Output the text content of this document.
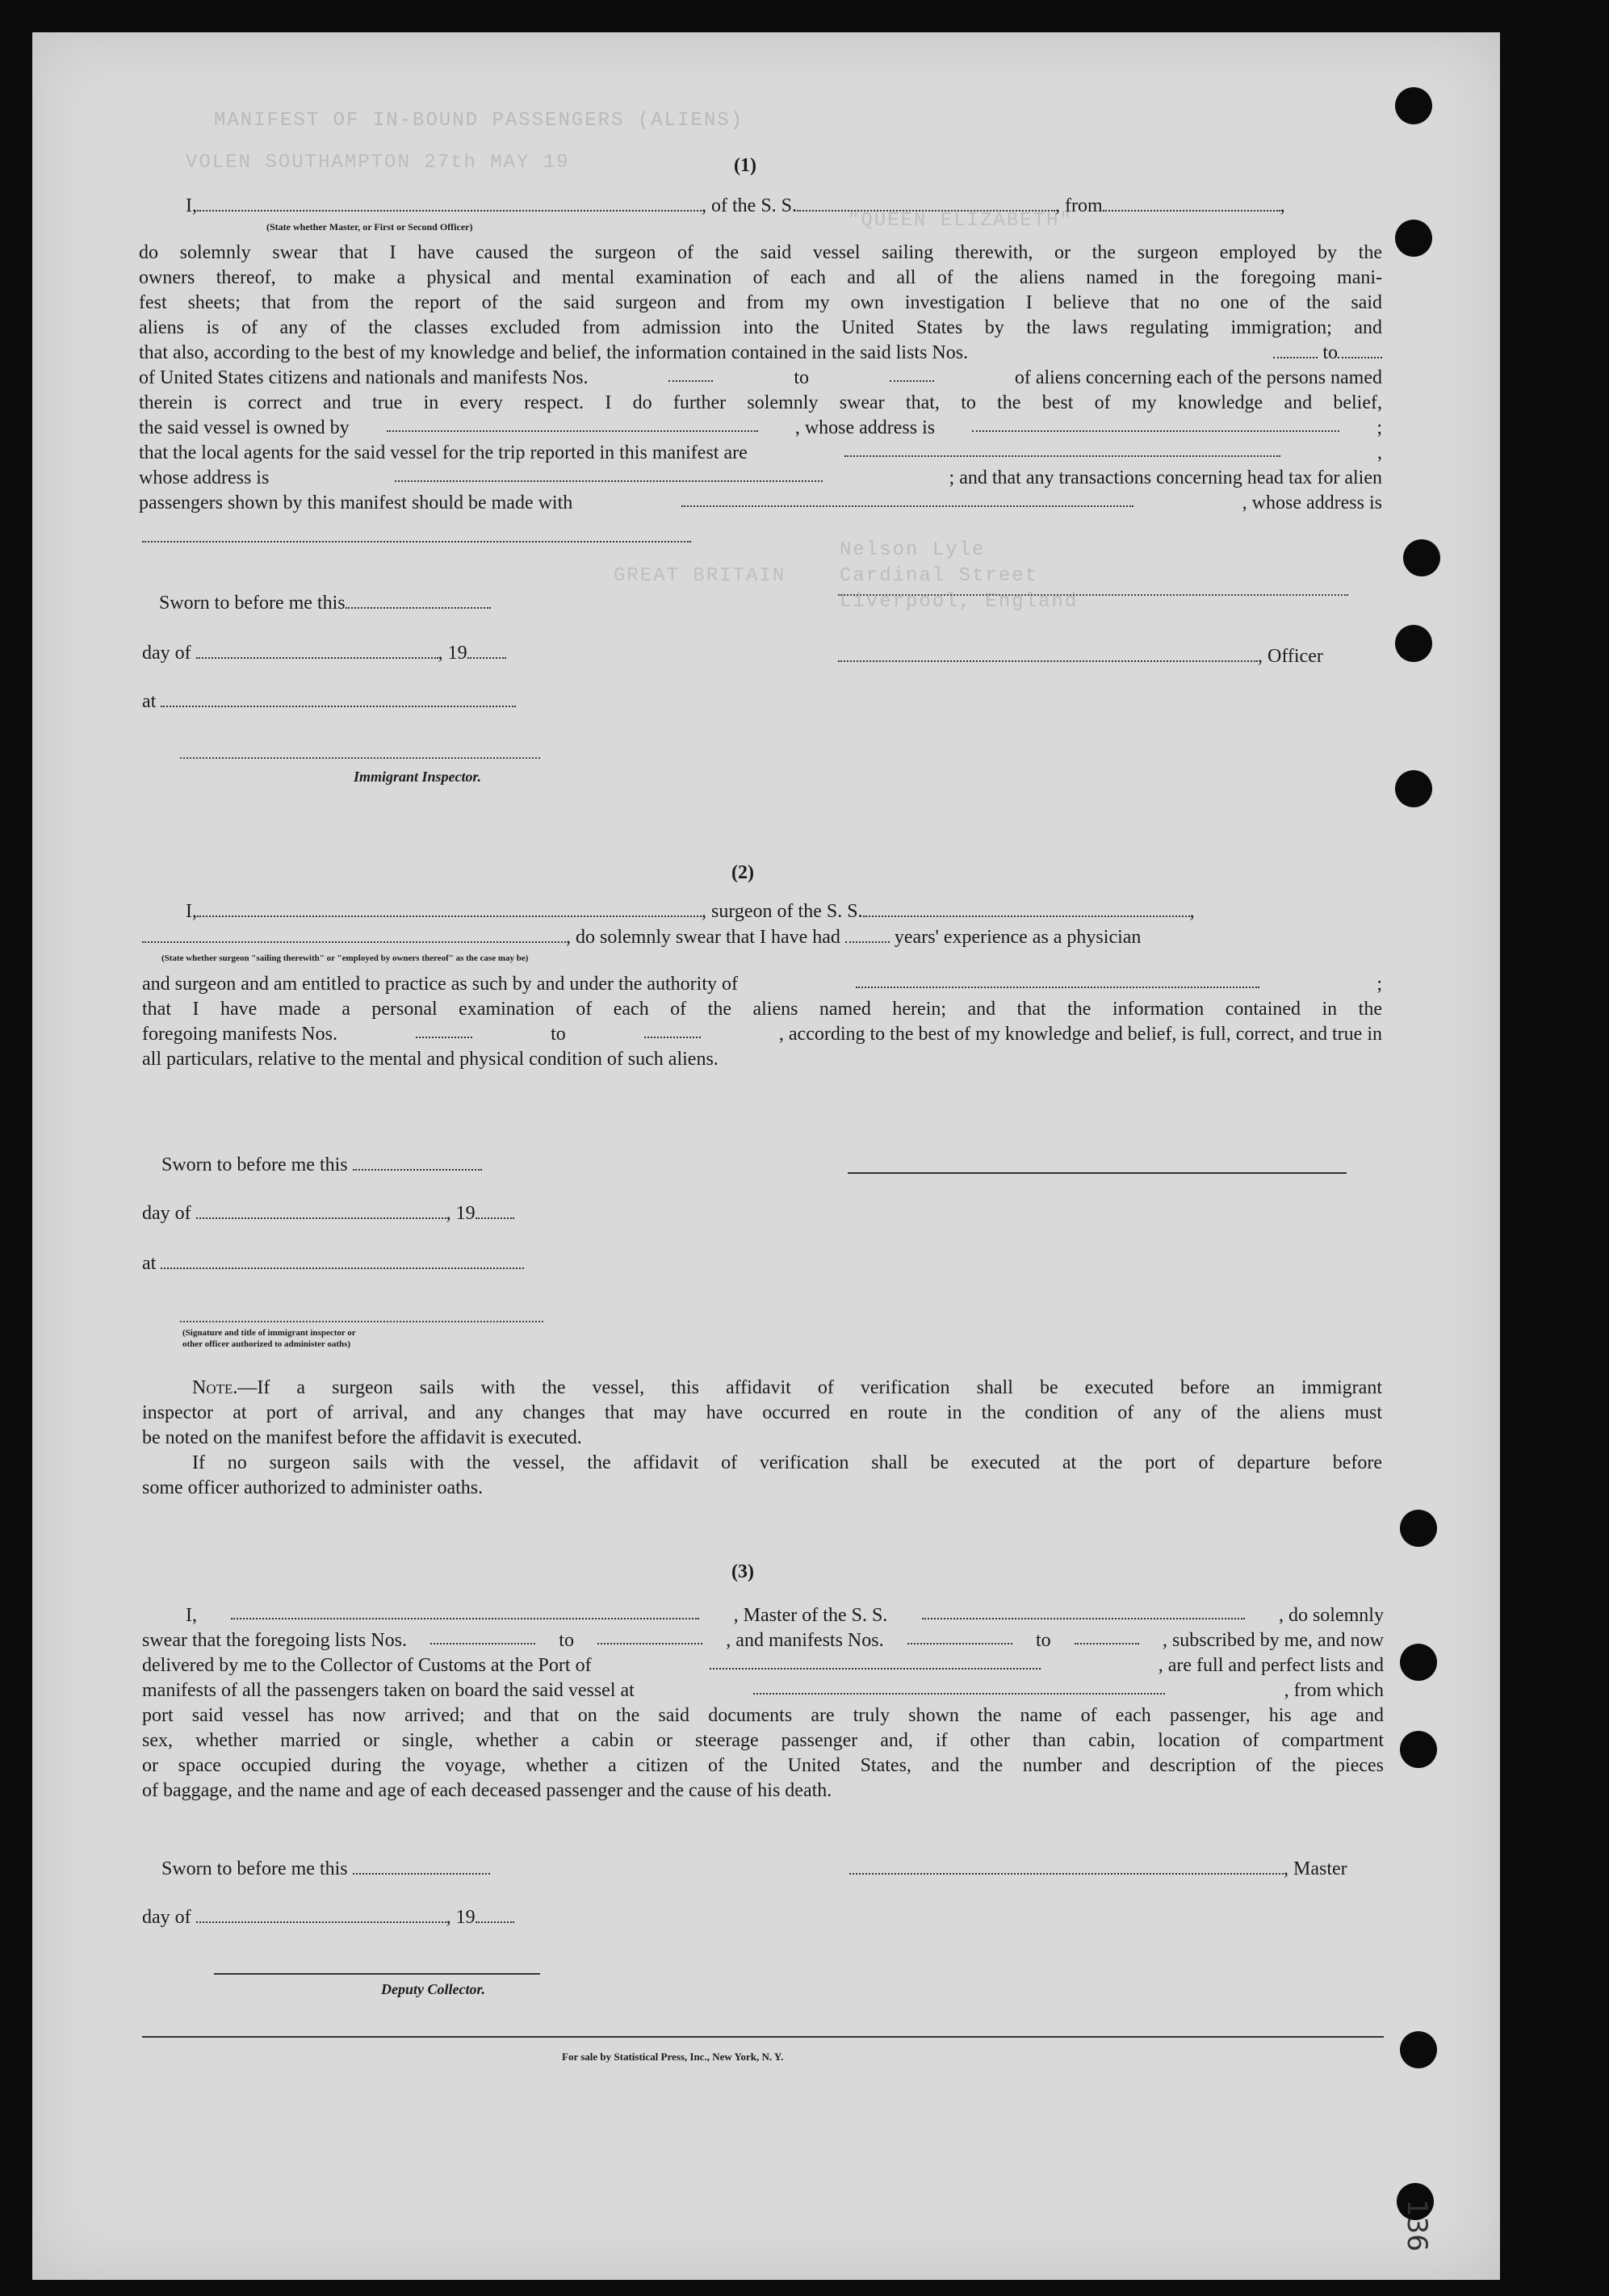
MANIFEST OF IN-BOUND PASSENGERS (ALIENS)
VOLEN SOUTHAMPTON 27th MAY 19
"QUEEN ELIZABETH"
Nelson Lyle
Cardinal Street
Liverpool, England
GREAT BRITAIN
(1)
I,	, of the S. S.	, from	,
(State whether Master, or First or Second Officer)
do solemnly swear that I have caused the surgeon of the said vessel sailing therewith, or the surgeon employed by the
owners thereof, to make a physical and mental examination of each and all of the aliens named in the foregoing mani-
fest sheets; that from the report of the said surgeon and from my own investigation I believe that no one of the said
aliens is of any of the classes excluded from admission into the United States by the laws regulating immigration; and
that also, according to the best of my knowledge and belief, the information contained in the said lists Nos.	to
of United States citizens and nationals and manifests Nos.	to	of aliens concerning each of the persons named
therein is correct and true in every respect. I do further solemnly swear that, to the best of my knowledge and belief,
the said vessel is owned by	, whose address is	;
that the local agents for the said vessel for the trip reported in this manifest are	,
whose address is	; and that any transactions concerning head tax for alien
passengers shown by this manifest should be made with	, whose address is
Sworn to before me this
day of	, 19
at
Immigrant Inspector.
, Officer
(2)
I,	, surgeon of the S. S.	,
, do solemnly swear that I have had	years' experience as a physician
(State whether surgeon "sailing therewith" or "employed by owners thereof" as the case may be)
and surgeon and am entitled to practice as such by and under the authority of	;
that I have made a personal examination of each of the aliens named herein; and that the information contained in the
foregoing manifests Nos.	to	, according to the best of my knowledge and belief, is full, correct, and true in
all particulars, relative to the mental and physical condition of such aliens.
Sworn to before me this
day of	, 19
at
(Signature and title of immigrant inspector or
other officer authorized to administer oaths)
Note.—If a surgeon sails with the vessel, this affidavit of verification shall be executed before an immigrant
inspector at port of arrival, and any changes that may have occurred en route in the condition of any of the aliens must
be noted on the manifest before the affidavit is executed.
If no surgeon sails with the vessel, the affidavit of verification shall be executed at the port of departure before
some officer authorized to administer oaths.
(3)
I,	, Master of the S. S.	, do solemnly
swear that the foregoing lists Nos.	to	, and manifests Nos.	to	, subscribed by me, and now
delivered by me to the Collector of Customs at the Port of	, are full and perfect lists and
manifests of all the passengers taken on board the said vessel at	, from which
port said vessel has now arrived; and that on the said documents are truly shown the name of each passenger, his age and
sex, whether married or single, whether a cabin or steerage passenger and, if other than cabin, location of compartment
or space occupied during the voyage, whether a citizen of the United States, and the number and description of the pieces
of baggage, and the name and age of each deceased passenger and the cause of his death.
Sworn to before me this	, Master
day of	, 19
Deputy Collector.
For sale by Statistical Press, Inc., New York, N. Y.
136
